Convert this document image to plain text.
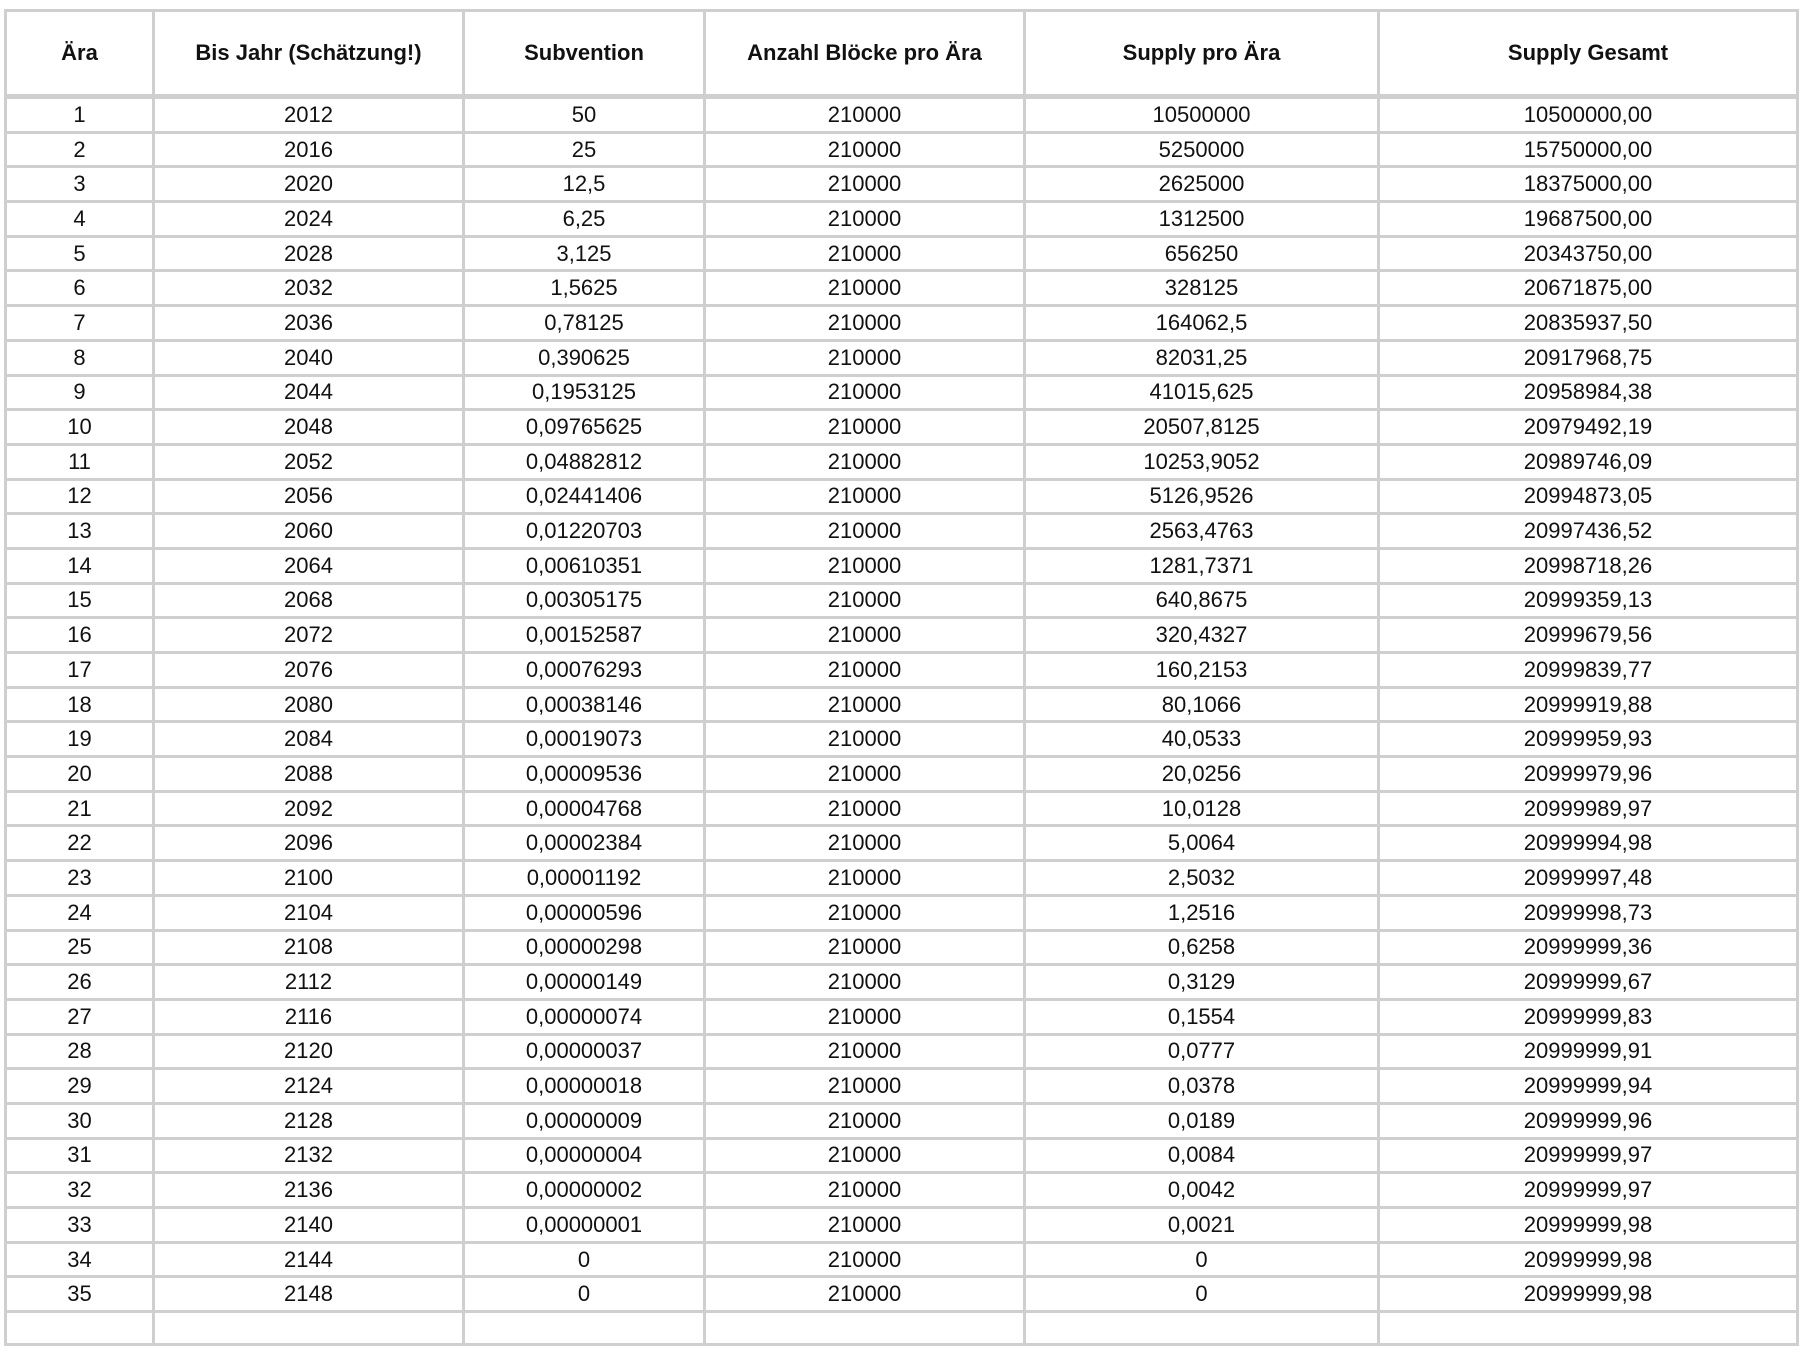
Ära	Bis Jahr (Schätzung!)	Subvention	Anzahl Blöcke pro Ära	Supply pro Ära	Supply Gesamt
1	2012	50	210000	10500000	10500000,00
2	2016	25	210000	5250000	15750000,00
3	2020	12,5	210000	2625000	18375000,00
4	2024	6,25	210000	1312500	19687500,00
5	2028	3,125	210000	656250	20343750,00
6	2032	1,5625	210000	328125	20671875,00
7	2036	0,78125	210000	164062,5	20835937,50
8	2040	0,390625	210000	82031,25	20917968,75
9	2044	0,1953125	210000	41015,625	20958984,38
10	2048	0,09765625	210000	20507,8125	20979492,19
11	2052	0,04882812	210000	10253,9052	20989746,09
12	2056	0,02441406	210000	5126,9526	20994873,05
13	2060	0,01220703	210000	2563,4763	20997436,52
14	2064	0,00610351	210000	1281,7371	20998718,26
15	2068	0,00305175	210000	640,8675	20999359,13
16	2072	0,00152587	210000	320,4327	20999679,56
17	2076	0,00076293	210000	160,2153	20999839,77
18	2080	0,00038146	210000	80,1066	20999919,88
19	2084	0,00019073	210000	40,0533	20999959,93
20	2088	0,00009536	210000	20,0256	20999979,96
21	2092	0,00004768	210000	10,0128	20999989,97
22	2096	0,00002384	210000	5,0064	20999994,98
23	2100	0,00001192	210000	2,5032	20999997,48
24	2104	0,00000596	210000	1,2516	20999998,73
25	2108	0,00000298	210000	0,6258	20999999,36
26	2112	0,00000149	210000	0,3129	20999999,67
27	2116	0,00000074	210000	0,1554	20999999,83
28	2120	0,00000037	210000	0,0777	20999999,91
29	2124	0,00000018	210000	0,0378	20999999,94
30	2128	0,00000009	210000	0,0189	20999999,96
31	2132	0,00000004	210000	0,0084	20999999,97
32	2136	0,00000002	210000	0,0042	20999999,97
33	2140	0,00000001	210000	0,0021	20999999,98
34	2144	0	210000	0	20999999,98
35	2148	0	210000	0	20999999,98
